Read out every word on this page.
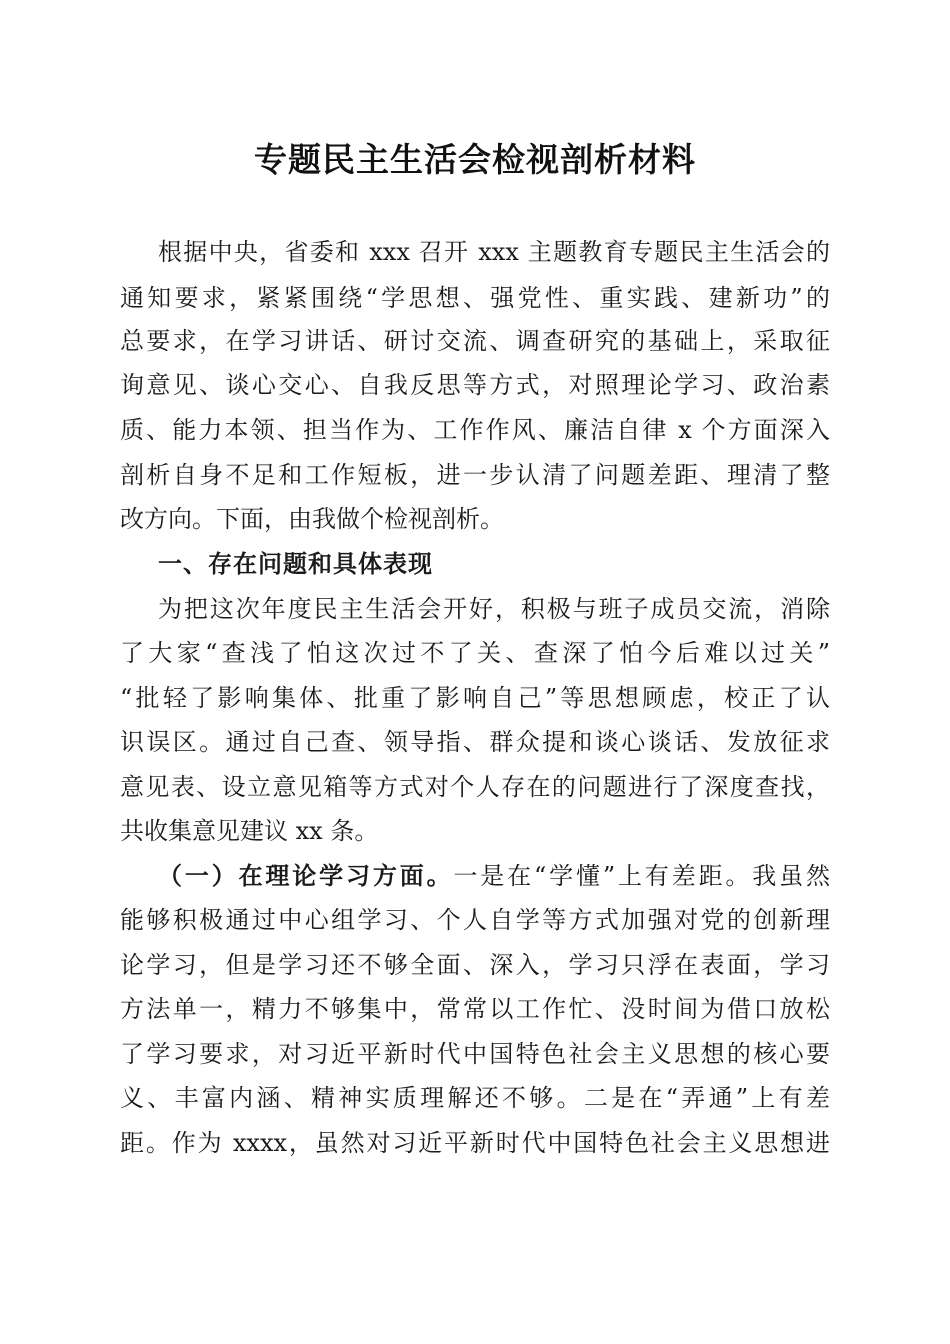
专题民主生活会检视剖析材料
根据中央，省委和 xxx 召开 xxx 主题教育专题民主生活会的
通知要求，紧紧围绕“学思想、强党性、重实践、建新功”的
总要求，在学习讲话、研讨交流、调查研究的基础上，采取征
询意见、谈心交心、自我反思等方式，对照理论学习、政治素
质、能力本领、担当作为、工作作风、廉洁自律 x 个方面深入
剖析自身不足和工作短板，进一步认清了问题差距、理清了整
改方向。下面，由我做个检视剖析。
一、存在问题和具体表现
为把这次年度民主生活会开好，积极与班子成员交流，消除
了大家“查浅了怕这次过不了关、查深了怕今后难以过关”
“批轻了影响集体、批重了影响自己”等思想顾虑，校正了认
识误区。通过自己查、领导指、群众提和谈心谈话、发放征求
意见表、设立意见箱等方式对个人存在的问题进行了深度查找，
共收集意见建议 xx 条。
（一）在理论学习方面。一是在“学懂”上有差距。我虽然
能够积极通过中心组学习、个人自学等方式加强对党的创新理
论学习，但是学习还不够全面、深入，学习只浮在表面，学习
方法单一，精力不够集中，常常以工作忙、没时间为借口放松
了学习要求，对习近平新时代中国特色社会主义思想的核心要
义、丰富内涵、精神实质理解还不够。二是在“弄通”上有差
距。作为 xxxx，虽然对习近平新时代中国特色社会主义思想进
